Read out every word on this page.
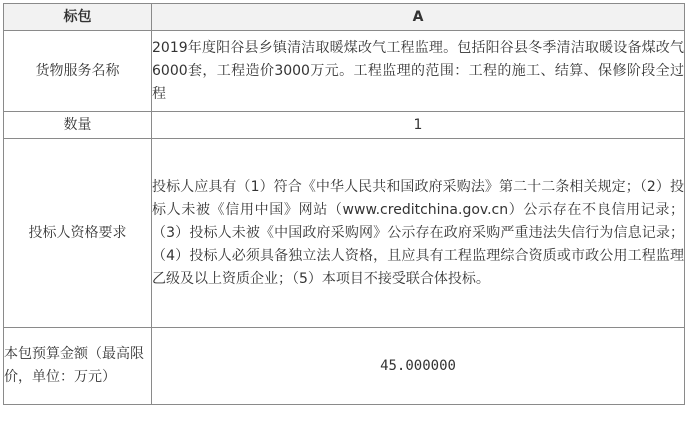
标包	A
货物服务名称	2019年度阳谷县乡镇清洁取暖煤改气工程监理。包括阳谷县冬季清洁取暖设备煤改气6000套，工程造价3000万元。工程监理的范围：工程的施工、结算、保修阶段全过程
数量	1
投标人资格要求	投标人应具有（1）符合《中华人民共和国政府采购法》第二十二条相关规定；（2）投标人未被《信用中国》网站（www.creditchina.gov.cn）公示存在不良信用记录；（3）投标人未被《中国政府采购网》公示存在政府采购严重违法失信行为信息记录；（4）投标人必须具备独立法人资格，且应具有工程监理综合资质或市政公用工程监理乙级及以上资质企业；（5）本项目不接受联合体投标。
本包预算金额（最高限价，单位：万元）	45.000000
